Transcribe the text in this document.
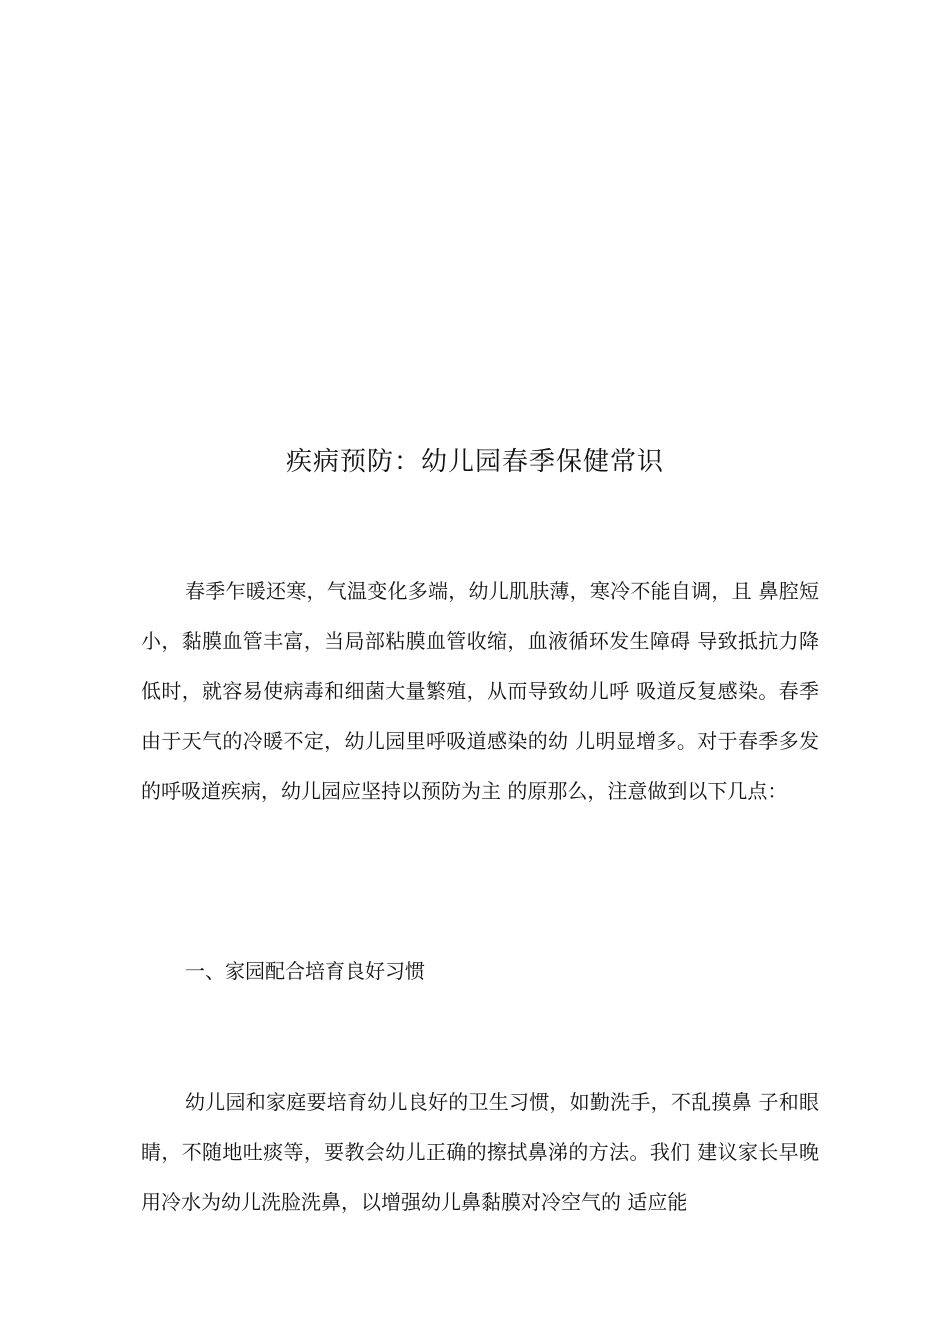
疾病预防：幼儿园春季保健常识

春季乍暖还寒，气温变化多端，幼儿肌肤薄，寒冷不能自调，且 鼻腔短小，黏膜血管丰富，当局部粘膜血管收缩，血液循环发生障碍 导致抵抗力降低时，就容易使病毒和细菌大量繁殖，从而导致幼儿呼 吸道反复感染。春季由于天气的冷暖不定，幼儿园里呼吸道感染的幼 儿明显增多。对于春季多发的呼吸道疾病，幼儿园应坚持以预防为主 的原那么，注意做到以下几点：

一、家园配合培育良好习惯

幼儿园和家庭要培育幼儿良好的卫生习惯，如勤洗手，不乱摸鼻 子和眼睛，不随地吐痰等，要教会幼儿正确的擦拭鼻涕的方法。我们 建议家长早晚用冷水为幼儿洗脸洗鼻，以增强幼儿鼻黏膜对冷空气的 适应能
